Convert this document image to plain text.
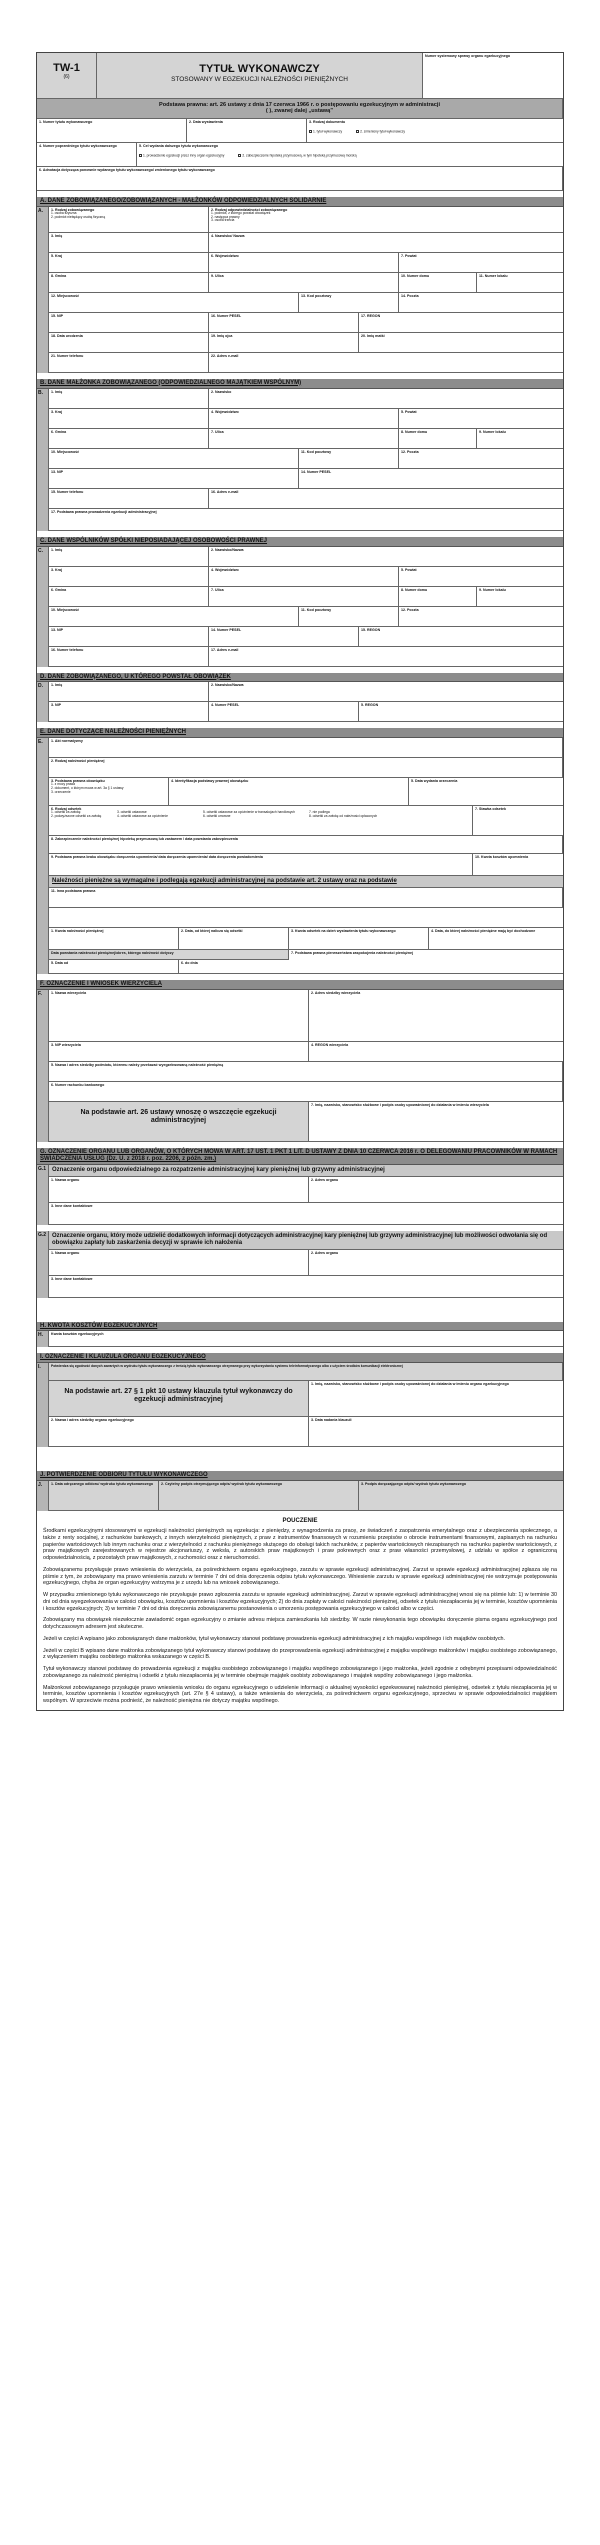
TW-1
(6)
TYTUŁ WYKONAWCZY
STOSOWANY W EGZEKUCJI NALEŻNOŚCI PIENIĘŻNYCH
Numer systemowy sprawy organu egzekucyjnego
Podstawa prawna: art. 26 ustawy z dnia 17 czerwca 1966 r. o postępowaniu egzekucyjnym w administracji
( ), zwanej dalej „ustawą”
1. Numer tytułu wykonawczego	2. Data wystawienia	3. Rodzaj dokumentu
1. tytuł wykonawczy	2. zmieniony tytuł wykonawczy
4. Numer poprzedniego tytułu wykonawczego	5. Cel wydania dalszego tytułu wykonawczego
1. prowadzenie egzekucji przez inny organ egzekucyjny	2. zabezpieczenie hipoteką przymusową, w tym hipoteką przymusową morską
6. Adnotacja dotycząca ponownie wydanego tytułu wykonawczego/ zmienionego tytułu wykonawczego
A. DANE ZOBOWIĄZANEGO/ZOBOWIĄZANYCH - MAŁŻONKÓW ODPOWIEDZIALNYCH SOLIDARNIE
A.	1. Rodzaj zobowiązanego
1. osoba fizyczna
2. podmiot niebędący osobą fizyczną
2. Rodzaj odpowiedzialności zobowiązanego
1. podmiot, z którego powstał obowiązek
2. następca prawny
3. osoba trzecia
3. Imię	4. Nazwisko/ Nazwa
5. Kraj	6. Województwo	7. Powiat
8. Gmina	9. Ulica	10. Numer domu	11. Numer lokalu
12. Miejscowość	13. Kod pocztowy	14. Poczta
15. NIP	16. Numer PESEL	17. REGON
18. Data urodzenia	19. Imię ojca	20. Imię matki
21. Numer telefonu	22. Adres e-mail
B. DANE MAŁŻONKA ZOBOWIĄZANEGO (ODPOWIEDZIALNEGO MAJĄTKIEM WSPÓLNYM)
B.	1. Imię	2. Nazwisko
3. Kraj	4. Województwo	5. Powiat
6. Gmina	7. Ulica	8. Numer domu	9. Numer lokalu
10. Miejscowość	11. Kod pocztowy	12. Poczta
13. NIP	14. Numer PESEL
15. Numer telefonu	16. Adres e-mail
17. Podstawa prawna prowadzenia egzekucji administracyjnej
C. DANE WSPÓLNIKÓW SPÓŁKI NIEPOSIADAJĄCEJ OSOBOWOŚCI PRAWNEJ
C.	1. Imię	2. Nazwisko/Nazwa
3. Kraj	4. Województwo	5. Powiat
6. Gmina	7. Ulica	8. Numer domu	9. Numer lokalu
10. Miejscowość	11. Kod pocztowy	12. Poczta
13. NIP	14. Numer PESEL	15. REGON
16. Numer telefonu	17. Adres e-mail
D. DANE ZOBOWIĄZANEGO, U KTÓREGO POWSTAŁ OBOWIĄZEK
D.	1. Imię	2. Nazwisko/Nazwa
3. NIP	4. Numer PESEL	5. REGON
E. DANE DOTYCZĄCE NALEŻNOŚCI PIENIĘŻNYCH
E.	1. Akt normatywny
2. Rodzaj należności pieniężnej
3. Podstawa prawna obowiązku
1. z mocy prawa
2. dokument, o którym mowa w art. 3a § 1 ustawy
3. orzeczenie
4. Identyfikacja podstawy prawnej obowiązku	5. Data wydania orzeczenia
6. Rodzaj odsetek
1. odsetki za zwłokę
2. podwyższone odsetki za zwłokę
3. odsetki ustawowe
4. odsetki ustawowe za opóźnienie
5. odsetki ustawowe za opóźnienie w transakcjach handlowych
6. odsetki umowne
7. nie podlega
8. odsetki za zwłokę od należności opłaconych
7. Stawka odsetek
8. Zabezpieczenie należności pieniężnej hipoteką przymusową lub zastawem / data powstania zabezpieczenia
9. Podstawa prawna braku obowiązku doręczenia upomnienia/ data doręczenia upomnienia/ data doręczenia powiadomienia	10. Kwota kosztów upomnienia
Należności pieniężne są wymagalne i podlegają egzekucji administracyjnej na podstawie art. 2 ustawy oraz na podstawie
11. Inna podstawa prawna
1. Kwota należności pieniężnej	2. Data, od której nalicza się odsetki	3. Kwota odsetek na dzień wystawienia tytułu wykonawczego	4. Data, do której należności pieniężne mają być dochodzone
Data powstania należności pieniężnej/okres, którego należność dotyczy
5. Data od	6. do dnia
7. Podstawa prawna pierwszeństwa zaspokojenia należności pieniężnej
F. OZNACZENIE I WNIOSEK WIERZYCIELA
F.	1. Nazwa wierzyciela	2. Adres siedziby wierzyciela
3. NIP wierzyciela	4. REGON wierzyciela
5. Nazwa i adres siedziby podmiotu, któremu należy przekazać wyegzekwowaną należność pieniężną
6. Numer rachunku bankowego
Na podstawie art. 26 ustawy wnoszę o wszczęcie egzekucji administracyjnej
7. Imię, nazwisko, stanowisko służbowe i podpis osoby upoważnionej do działania w imieniu wierzyciela
G. OZNACZENIE ORGANU LUB ORGANÓW, O KTÓRYCH MOWA W ART. 17 UST. 1 PKT 1 LIT. D USTAWY Z DNIA 10 CZERWCA 2016 r. O DELEGOWANIU PRACOWNIKÓW W RAMACH ŚWIADCZENIA USŁUG (Dz. U. z 2018 r. poz. 2206, z późn. zm.)
G.1 Oznaczenie organu odpowiedzialnego za rozpatrzenie administracyjnej kary pieniężnej lub grzywny administracyjnej
1. Nazwa organu	2. Adres organu
3. Inne dane kontaktowe
G.2 Oznaczenie organu, który może udzielić dodatkowych informacji dotyczących administracyjnej kary pieniężnej lub grzywny administracyjnej lub możliwości odwołania się od obowiązku zapłaty lub zaskarżenia decyzji w sprawie ich nałożenia
1. Nazwa organu	2. Adres organu
3. Inne dane kontaktowe
H. KWOTA KOSZTÓW EGZEKUCYJNYCH
H.	Kwota kosztów egzekucyjnych
I. OZNACZENIE I KLAUZULA ORGANU EGZEKUCYJNEGO
I.	Potwierdza się zgodność danych zawartych w wydruku tytułu wykonawczego z treścią tytułu wykonawczego otrzymanego przy wykorzystaniu systemu teleinformatycznego albo z użyciem środków komunikacji elektronicznej
Na podstawie art. 27 § 1 pkt 10 ustawy klauzula tytuł wykonawczy do egzekucji administracyjnej
1. Imię, nazwisko, stanowisko służbowe i podpis osoby upoważnionej do działania w imieniu organu egzekucyjnego
2. Nazwa i adres siedziby organu egzekucyjnego	3. Data nadania klauzuli
J. POTWIERDZENIE ODBIORU TYTUŁU WYKONAWCZEGO
J.	1. Data odręcznego odbioru/ wydruku tytułu wykonawczego	2. Czytelny podpis otrzymującego odpis/ wydruk tytułu wykonawczego	3. Podpis doręczającego odpis/ wydruk tytułu wykonawczego
POUCZENIE

Środkami egzekucyjnymi stosowanymi w egzekucji należności pieniężnych są egzekucja: z pieniędzy, z wynagrodzenia za pracę, ze świadczeń z zaopatrzenia emerytalnego oraz z ubezpieczenia społecznego, a także z renty socjalnej, z rachunków bankowych, z innych wierzytelności pieniężnych, z praw z instrumentów finansowych w rozumieniu przepisów o obrocie instrumentami finansowymi, zapisanych na rachunku papierów wartościowych lub innym rachunku oraz z wierzytelności z rachunku pieniężnego służącego do obsługi takich rachunków, z papierów wartościowych niezapisanych na rachunku papierów wartościowych, z praw majątkowych zarejestrowanych w rejestrze akcjonariuszy, z weksla, z autorskich praw majątkowych i praw pokrewnych oraz z praw własności przemysłowej, z udziału w spółce z ograniczoną odpowiedzialnością, z pozostałych praw majątkowych, z ruchomości oraz z nieruchomości.

Zobowiązanemu przysługuje prawo wniesienia do wierzyciela, za pośrednictwem organu egzekucyjnego, zarzutu w sprawie egzekucji administracyjnej. Zarzut w sprawie egzekucji administracyjnej zgłasza się na piśmie z tym, że zobowiązany ma prawo wniesienia zarzutu w terminie 7 dni od dnia doręczenia odpisu tytułu wykonawczego. Wniesienie zarzutu w sprawie egzekucji administracyjnej nie wstrzymuje postępowania egzekucyjnego, chyba że organ egzekucyjny wstrzyma je z urzędu lub na wniosek zobowiązanego.

W przypadku zmienionego tytułu wykonawczego nie przysługuje prawo zgłoszenia zarzutu w sprawie egzekucji administracyjnej. Zarzut w sprawie egzekucji administracyjnej wnosi się na piśmie lub: 1) w terminie 30 dni od dnia wyegzekwowania w całości obowiązku, kosztów upomnienia i kosztów egzekucyjnych; 2) do dnia zapłaty w całości należności pieniężnej, odsetek z tytułu niezapłacenia jej w terminie, kosztów upomnienia i kosztów egzekucyjnych; 3) w terminie 7 dni od dnia doręczenia zobowiązanemu postanowienia o umorzeniu postępowania egzekucyjnego w całości albo w części.

Zobowiązany ma obowiązek niezwłocznie zawiadomić organ egzekucyjny o zmianie adresu miejsca zamieszkania lub siedziby. W razie niewykonania tego obowiązku doręczenie pisma organu egzekucyjnego pod dotychczasowym adresem jest skuteczne.

Jeżeli w części A wpisano jako zobowiązanych dane małżonków, tytuł wykonawczy stanowi podstawę prowadzenia egzekucji administracyjnej z ich majątku wspólnego i ich majątków osobistych.

Jeżeli w części B wpisano dane małżonka zobowiązanego tytuł wykonawczy stanowi podstawę do przeprowadzenia egzekucji administracyjnej z majątku wspólnego małżonków i majątku osobistego zobowiązanego, z wyłączeniem majątku osobistego małżonka wskazanego w części B.

Tytuł wykonawczy stanowi podstawę do prowadzenia egzekucji z majątku osobistego zobowiązanego i majątku wspólnego zobowiązanego i jego małżonka, jeżeli zgodnie z odrębnymi przepisami odpowiedzialność zobowiązanego za należność pieniężną i odsetki z tytułu niezapłacenia jej w terminie obejmuje majątek osobisty zobowiązanego i majątek wspólny zobowiązanego i jego małżonka.

Małżonkowi zobowiązanego przysługuje prawo wniesienia wniosku do organu egzekucyjnego o udzielenie informacji o aktualnej wysokości egzekwowanej należności pieniężnej, odsetek z tytułu niezapłacenia jej w terminie, kosztów upomnienia i kosztów egzekucyjnych (art. 27e § 4 ustawy), a także wniesienia do wierzyciela, za pośrednictwem organu egzekucyjnego, sprzeciwu w sprawie odpowiedzialności majątkiem wspólnym. W sprzeciwie można podnieść, że należność pieniężna nie dotyczy majątku wspólnego.
